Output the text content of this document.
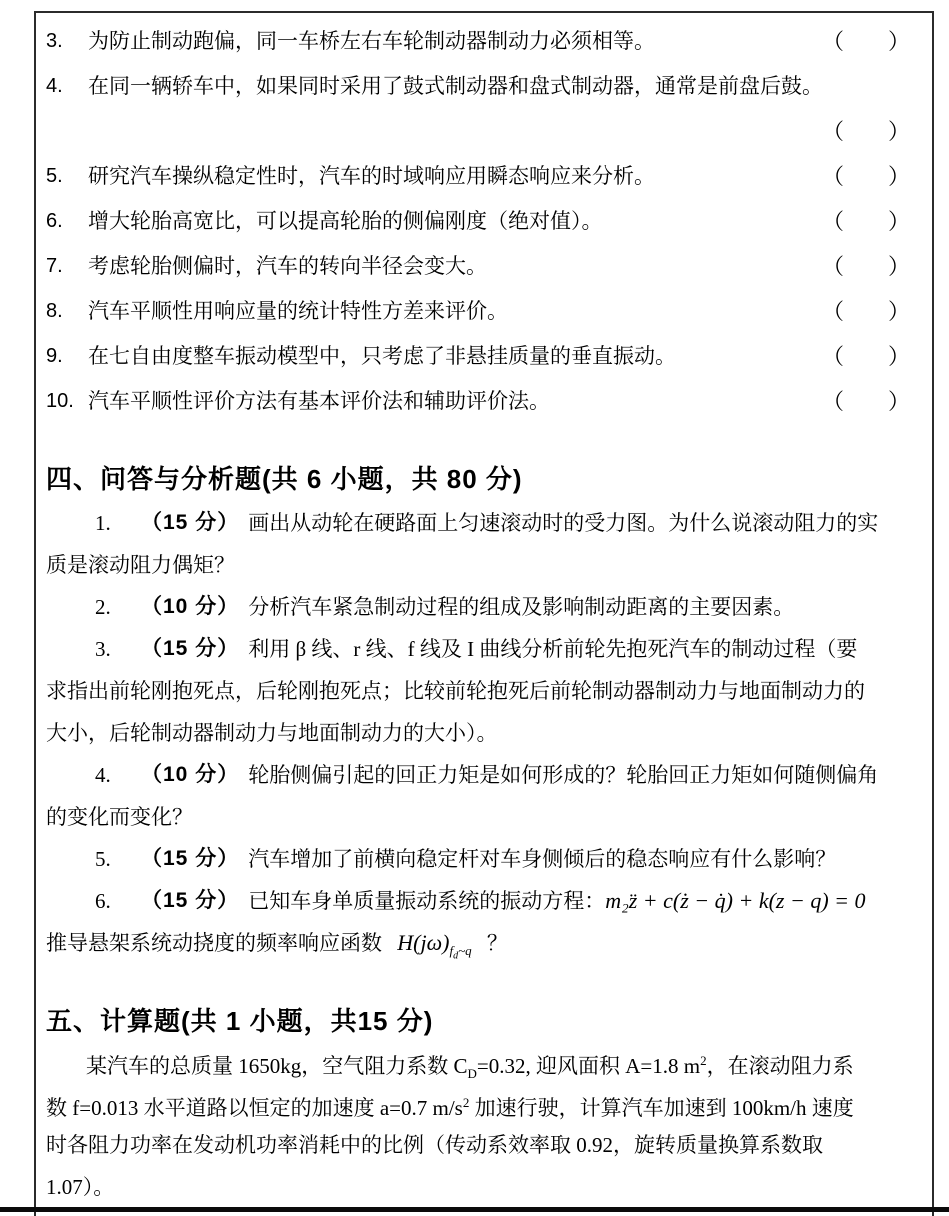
3.	为防止制动跑偏，同一车桥左右车轮制动器制动力必须相等。	（ ）
4.	在同一辆轿车中，如果同时采用了鼓式制动器和盘式制动器，通常是前盘后鼓。
（ ）
5.	研究汽车操纵稳定性时，汽车的时域响应用瞬态响应来分析。	（ ）
6.	增大轮胎高宽比，可以提高轮胎的侧偏刚度（绝对值）。	（ ）
7.	考虑轮胎侧偏时，汽车的转向半径会变大。	（ ）
8.	汽车平顺性用响应量的统计特性方差来评价。	（ ）
9.	在七自由度整车振动模型中，只考虑了非悬挂质量的垂直振动。	（ ）
10. 汽车平顺性评价方法有基本评价法和辅助评价法。	（ ）
四、问答与分析题(共 6 小题，共 80 分)
1.	（15 分） 画出从动轮在硬路面上匀速滚动时的受力图。为什么说滚动阻力的实
质是滚动阻力偶矩？
2.	（10 分） 分析汽车紧急制动过程的组成及影响制动距离的主要因素。
3.	（15 分） 利用 β 线、r 线、f 线及 I 曲线分析前轮先抱死汽车的制动过程（要
求指出前轮刚抱死点，后轮刚抱死点；比较前轮抱死后前轮制动器制动力与地面制动力的
大小，后轮制动器制动力与地面制动力的大小）。
4.	（10 分） 轮胎侧偏引起的回正力矩是如何形成的？轮胎回正力矩如何随侧偏角
的变化而变化？
5.	（15 分） 汽车增加了前横向稳定杆对车身侧倾后的稳态响应有什么影响？
6.	（15 分） 已知车身单质量振动系统的振动方程：m₂z̈ + c(ż − q̇) + k(z − q) = 0
推导悬架系统动挠度的频率响应函数 $H(j\omega)_{f_d\sim q}$ ？
五、计算题(共 1 小题，共15 分)
某汽车的总质量 1650kg，空气阻力系数 $C_D=0.32$, 迎风面积 A=1.8 $m^2$，在滚动阻力系
数 f=0.013 水平道路以恒定的加速度 a=0.7 $m/s^2$ 加速行驶，计算汽车加速到 100km/h 速度
时各阻力功率在发动机功率消耗中的比例（传动系效率取 0.92，旋转质量换算系数取
1.07）。
